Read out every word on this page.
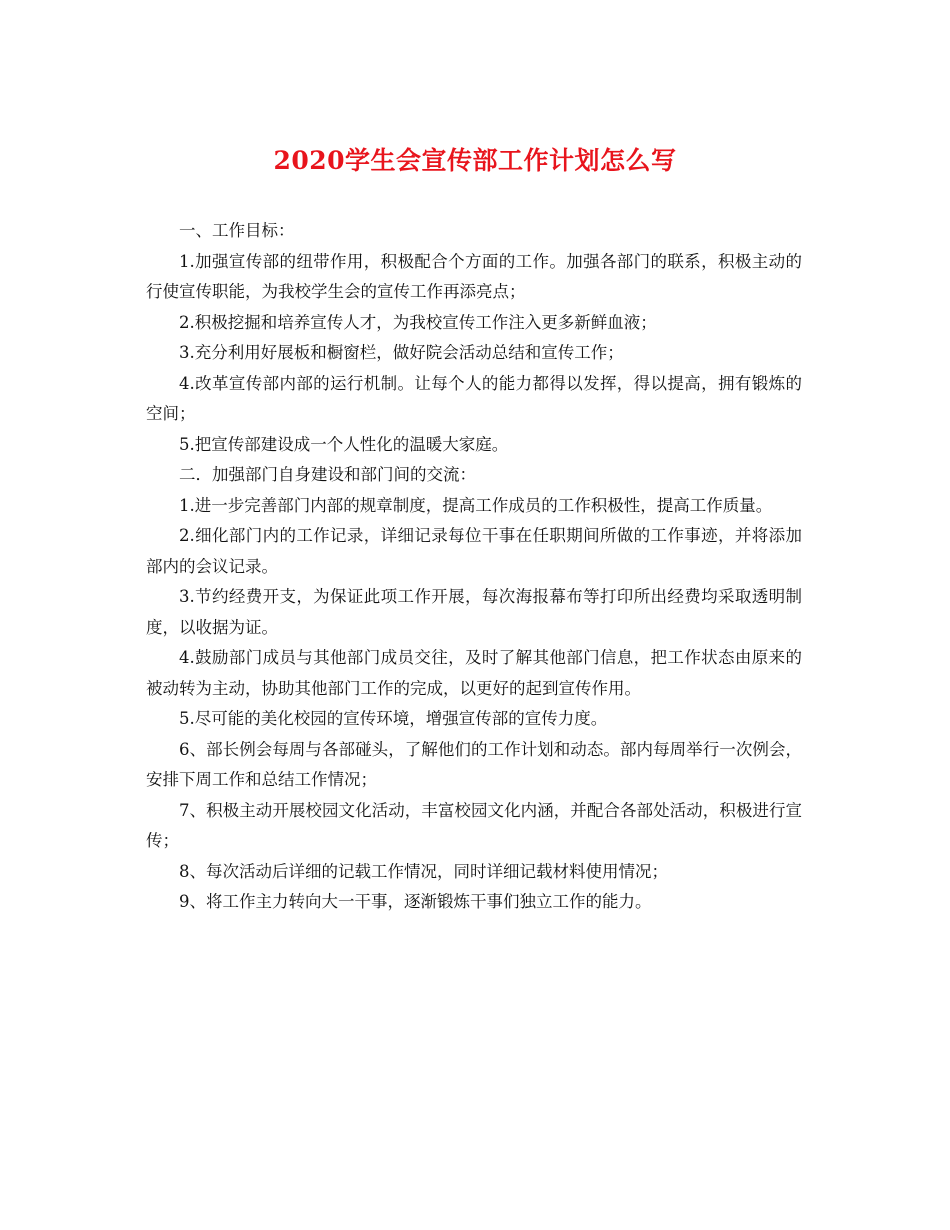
2020学生会宣传部工作计划怎么写

一、工作目标：

1.加强宣传部的纽带作用，积极配合个方面的工作。加强各部门的联系，积极主动的行使宣传职能，为我校学生会的宣传工作再添亮点；

2.积极挖掘和培养宣传人才，为我校宣传工作注入更多新鲜血液；

3.充分利用好展板和橱窗栏，做好院会活动总结和宣传工作；

4.改革宣传部内部的运行机制。让每个人的能力都得以发挥，得以提高，拥有锻炼的空间；

5.把宣传部建设成一个人性化的温暖大家庭。

二．加强部门自身建设和部门间的交流：

1.进一步完善部门内部的规章制度，提高工作成员的工作积极性，提高工作质量。

2.细化部门内的工作记录，详细记录每位干事在任职期间所做的工作事迹，并将添加部内的会议记录。

3.节约经费开支，为保证此项工作开展，每次海报幕布等打印所出经费均采取透明制度，以收据为证。

4.鼓励部门成员与其他部门成员交往，及时了解其他部门信息，把工作状态由原来的被动转为主动，协助其他部门工作的完成，以更好的起到宣传作用。

5.尽可能的美化校园的宣传环境，增强宣传部的宣传力度。

6、部长例会每周与各部碰头，了解他们的工作计划和动态。部内每周举行一次例会，安排下周工作和总结工作情况；

7、积极主动开展校园文化活动，丰富校园文化内涵，并配合各部处活动，积极进行宣传；

8、每次活动后详细的记载工作情况，同时详细记载材料使用情况；

9、将工作主力转向大一干事，逐渐锻炼干事们独立工作的能力。
